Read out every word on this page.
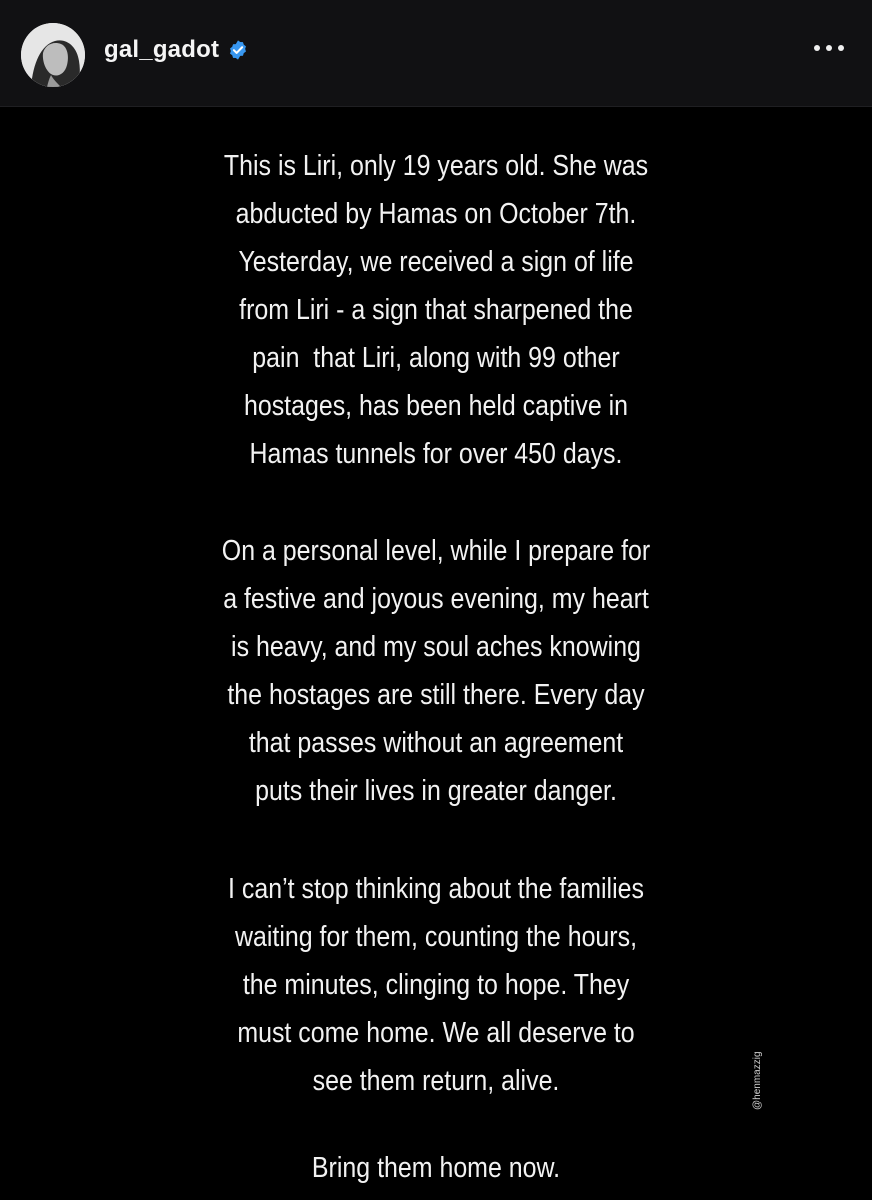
gal_gadot
This is Liri, only 19 years old. She was
abducted by Hamas on October 7th.
Yesterday, we received a sign of life
from Liri - a sign that sharpened the
pain  that Liri, along with 99 other
hostages, has been held captive in
Hamas tunnels for over 450 days.
On a personal level, while I prepare for
a festive and joyous evening, my heart
is heavy, and my soul aches knowing
the hostages are still there. Every day
that passes without an agreement
puts their lives in greater danger.
I can’t stop thinking about the families
waiting for them, counting the hours,
the minutes, clinging to hope. They
must come home. We all deserve to
see them return, alive.
Bring them home now.
@henmazzig
